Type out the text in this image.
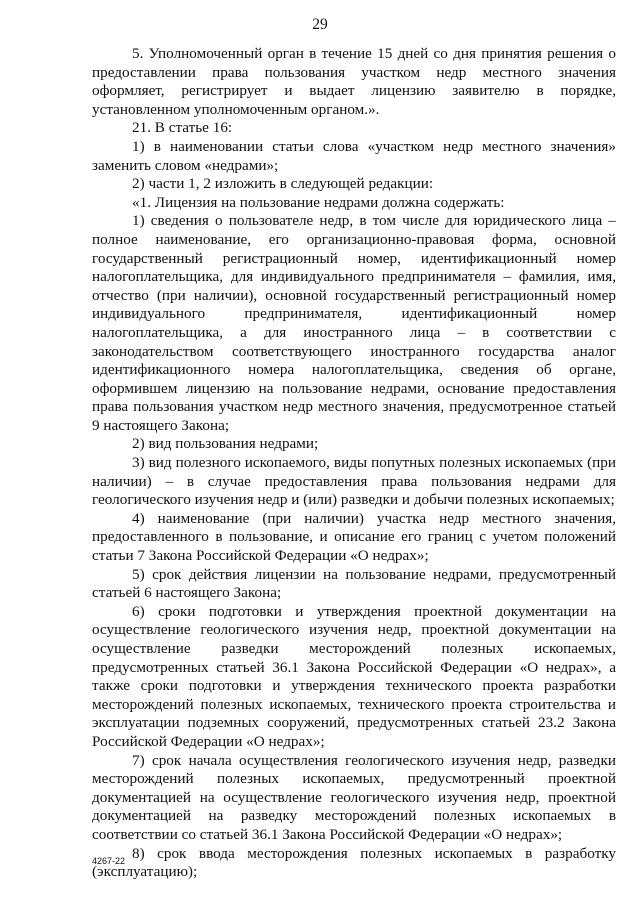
29

5. Уполномоченный орган в течение 15 дней со дня принятия решения о предоставлении права пользования участком недр местного значения оформляет, регистрирует и выдает лицензию заявителю в порядке, установленном уполномоченным органом.».

21. В статье 16:

1) в наименовании статьи слова «участком недр местного значения» заменить словом «недрами»;

2) части 1, 2 изложить в следующей редакции:

«1. Лицензия на пользование недрами должна содержать:

1) сведения о пользователе недр, в том числе для юридического лица – полное наименование, его организационно-правовая форма, основной государственный регистрационный номер, идентификационный номер налогоплательщика, для индивидуального предпринимателя – фамилия, имя, отчество (при наличии), основной государственный регистрационный номер индивидуального предпринимателя, идентификационный номер налогоплательщика, а для иностранного лица – в соответствии с законодательством соответствующего иностранного государства аналог идентификационного номера налогоплательщика, сведения об органе, оформившем лицензию на пользование недрами, основание предоставления права пользования участком недр местного значения, предусмотренное статьей 9 настоящего Закона;

2) вид пользования недрами;

3) вид полезного ископаемого, виды попутных полезных ископаемых (при наличии) – в случае предоставления права пользования недрами для геологического изучения недр и (или) разведки и добычи полезных ископаемых;

4) наименование (при наличии) участка недр местного значения, предоставленного в пользование, и описание его границ с учетом положений статьи 7 Закона Российской Федерации «О недрах»;

5) срок действия лицензии на пользование недрами, предусмотренный статьей 6 настоящего Закона;

6) сроки подготовки и утверждения проектной документации на осуществление геологического изучения недр, проектной документации на осуществление разведки месторождений полезных ископаемых, предусмотренных статьей 36.1 Закона Российской Федерации «О недрах», а также сроки подготовки и утверждения технического проекта разработки месторождений полезных ископаемых, технического проекта строительства и эксплуатации подземных сооружений, предусмотренных статьей 23.2 Закона Российской Федерации «О недрах»;

7) срок начала осуществления геологического изучения недр, разведки месторождений полезных ископаемых, предусмотренный проектной документацией на осуществление геологического изучения недр, проектной документацией на разведку месторождений полезных ископаемых в соответствии со статьей 36.1 Закона Российской Федерации «О недрах»;

8) срок ввода месторождения полезных ископаемых в разработку (эксплуатацию);

4267-22
